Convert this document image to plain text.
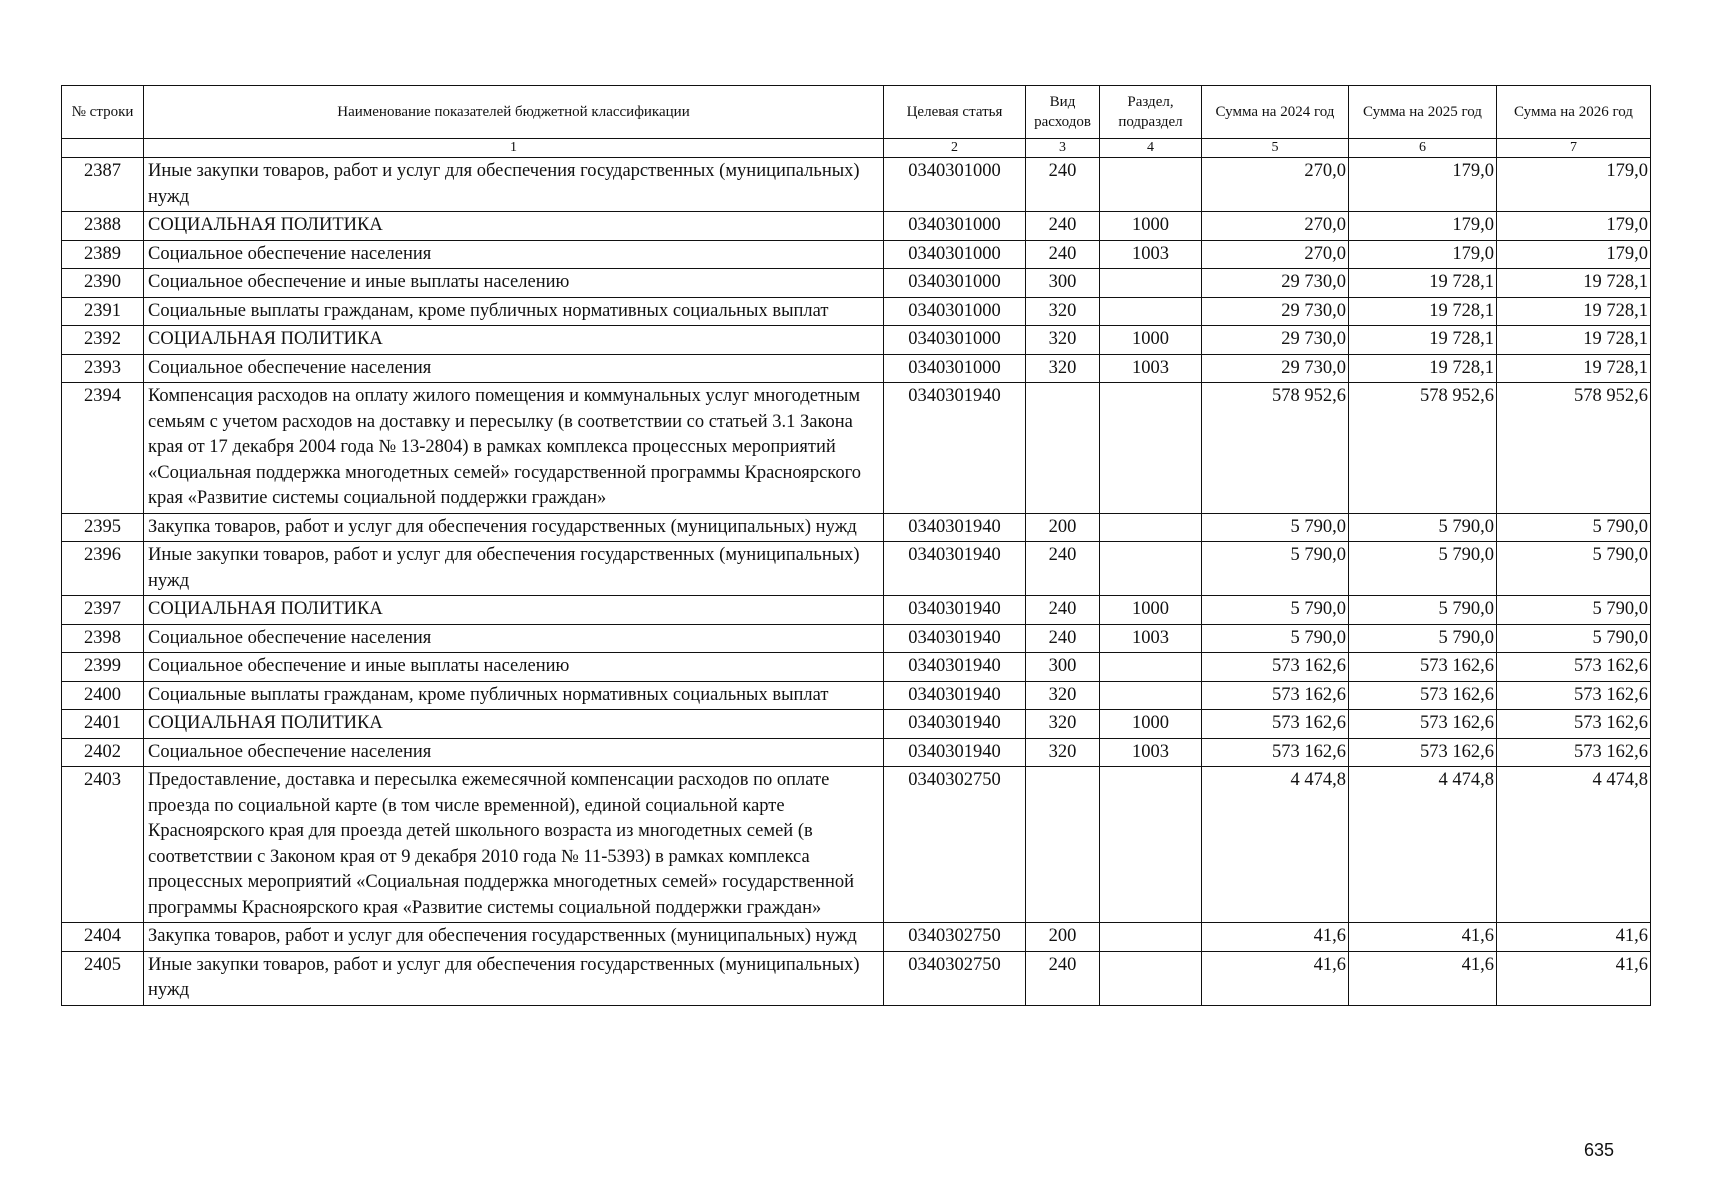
№ строки	Наименование показателей бюджетной классификации	Целевая статья	Вид расходов	Раздел, подраздел	Сумма на 2024 год	Сумма на 2025 год	Сумма на 2026 год
	1	2	3	4	5	6	7
2387	Иные закупки товаров, работ и услуг для обеспечения государственных (муниципальных) нужд	0340301000	240		270,0	179,0	179,0
2388	СОЦИАЛЬНАЯ ПОЛИТИКА	0340301000	240	1000	270,0	179,0	179,0
2389	Социальное обеспечение населения	0340301000	240	1003	270,0	179,0	179,0
2390	Социальное обеспечение и иные выплаты населению	0340301000	300		29 730,0	19 728,1	19 728,1
2391	Социальные выплаты гражданам, кроме публичных нормативных социальных выплат	0340301000	320		29 730,0	19 728,1	19 728,1
2392	СОЦИАЛЬНАЯ ПОЛИТИКА	0340301000	320	1000	29 730,0	19 728,1	19 728,1
2393	Социальное обеспечение населения	0340301000	320	1003	29 730,0	19 728,1	19 728,1
2394	Компенсация расходов на оплату жилого помещения и коммунальных услуг многодетным семьям с учетом расходов на доставку и пересылку (в соответствии со статьей 3.1 Закона края от 17 декабря 2004 года № 13-2804) в рамках комплекса процессных мероприятий «Социальная поддержка многодетных семей» государственной программы Красноярского края «Развитие системы социальной поддержки граждан»	0340301940			578 952,6	578 952,6	578 952,6
2395	Закупка товаров, работ и услуг для обеспечения государственных (муниципальных) нужд	0340301940	200		5 790,0	5 790,0	5 790,0
2396	Иные закупки товаров, работ и услуг для обеспечения государственных (муниципальных) нужд	0340301940	240		5 790,0	5 790,0	5 790,0
2397	СОЦИАЛЬНАЯ ПОЛИТИКА	0340301940	240	1000	5 790,0	5 790,0	5 790,0
2398	Социальное обеспечение населения	0340301940	240	1003	5 790,0	5 790,0	5 790,0
2399	Социальное обеспечение и иные выплаты населению	0340301940	300		573 162,6	573 162,6	573 162,6
2400	Социальные выплаты гражданам, кроме публичных нормативных социальных выплат	0340301940	320		573 162,6	573 162,6	573 162,6
2401	СОЦИАЛЬНАЯ ПОЛИТИКА	0340301940	320	1000	573 162,6	573 162,6	573 162,6
2402	Социальное обеспечение населения	0340301940	320	1003	573 162,6	573 162,6	573 162,6
2403	Предоставление, доставка и пересылка ежемесячной компенсации расходов по оплате проезда по социальной карте (в том числе временной), единой социальной карте Красноярского края для проезда детей школьного возраста из многодетных семей (в соответствии с Законом края от 9 декабря 2010 года № 11-5393) в рамках комплекса процессных мероприятий «Социальная поддержка многодетных семей» государственной программы Красноярского края «Развитие системы социальной поддержки граждан»	0340302750			4 474,8	4 474,8	4 474,8
2404	Закупка товаров, работ и услуг для обеспечения государственных (муниципальных) нужд	0340302750	200		41,6	41,6	41,6
2405	Иные закупки товаров, работ и услуг для обеспечения государственных (муниципальных) нужд	0340302750	240		41,6	41,6	41,6
635
